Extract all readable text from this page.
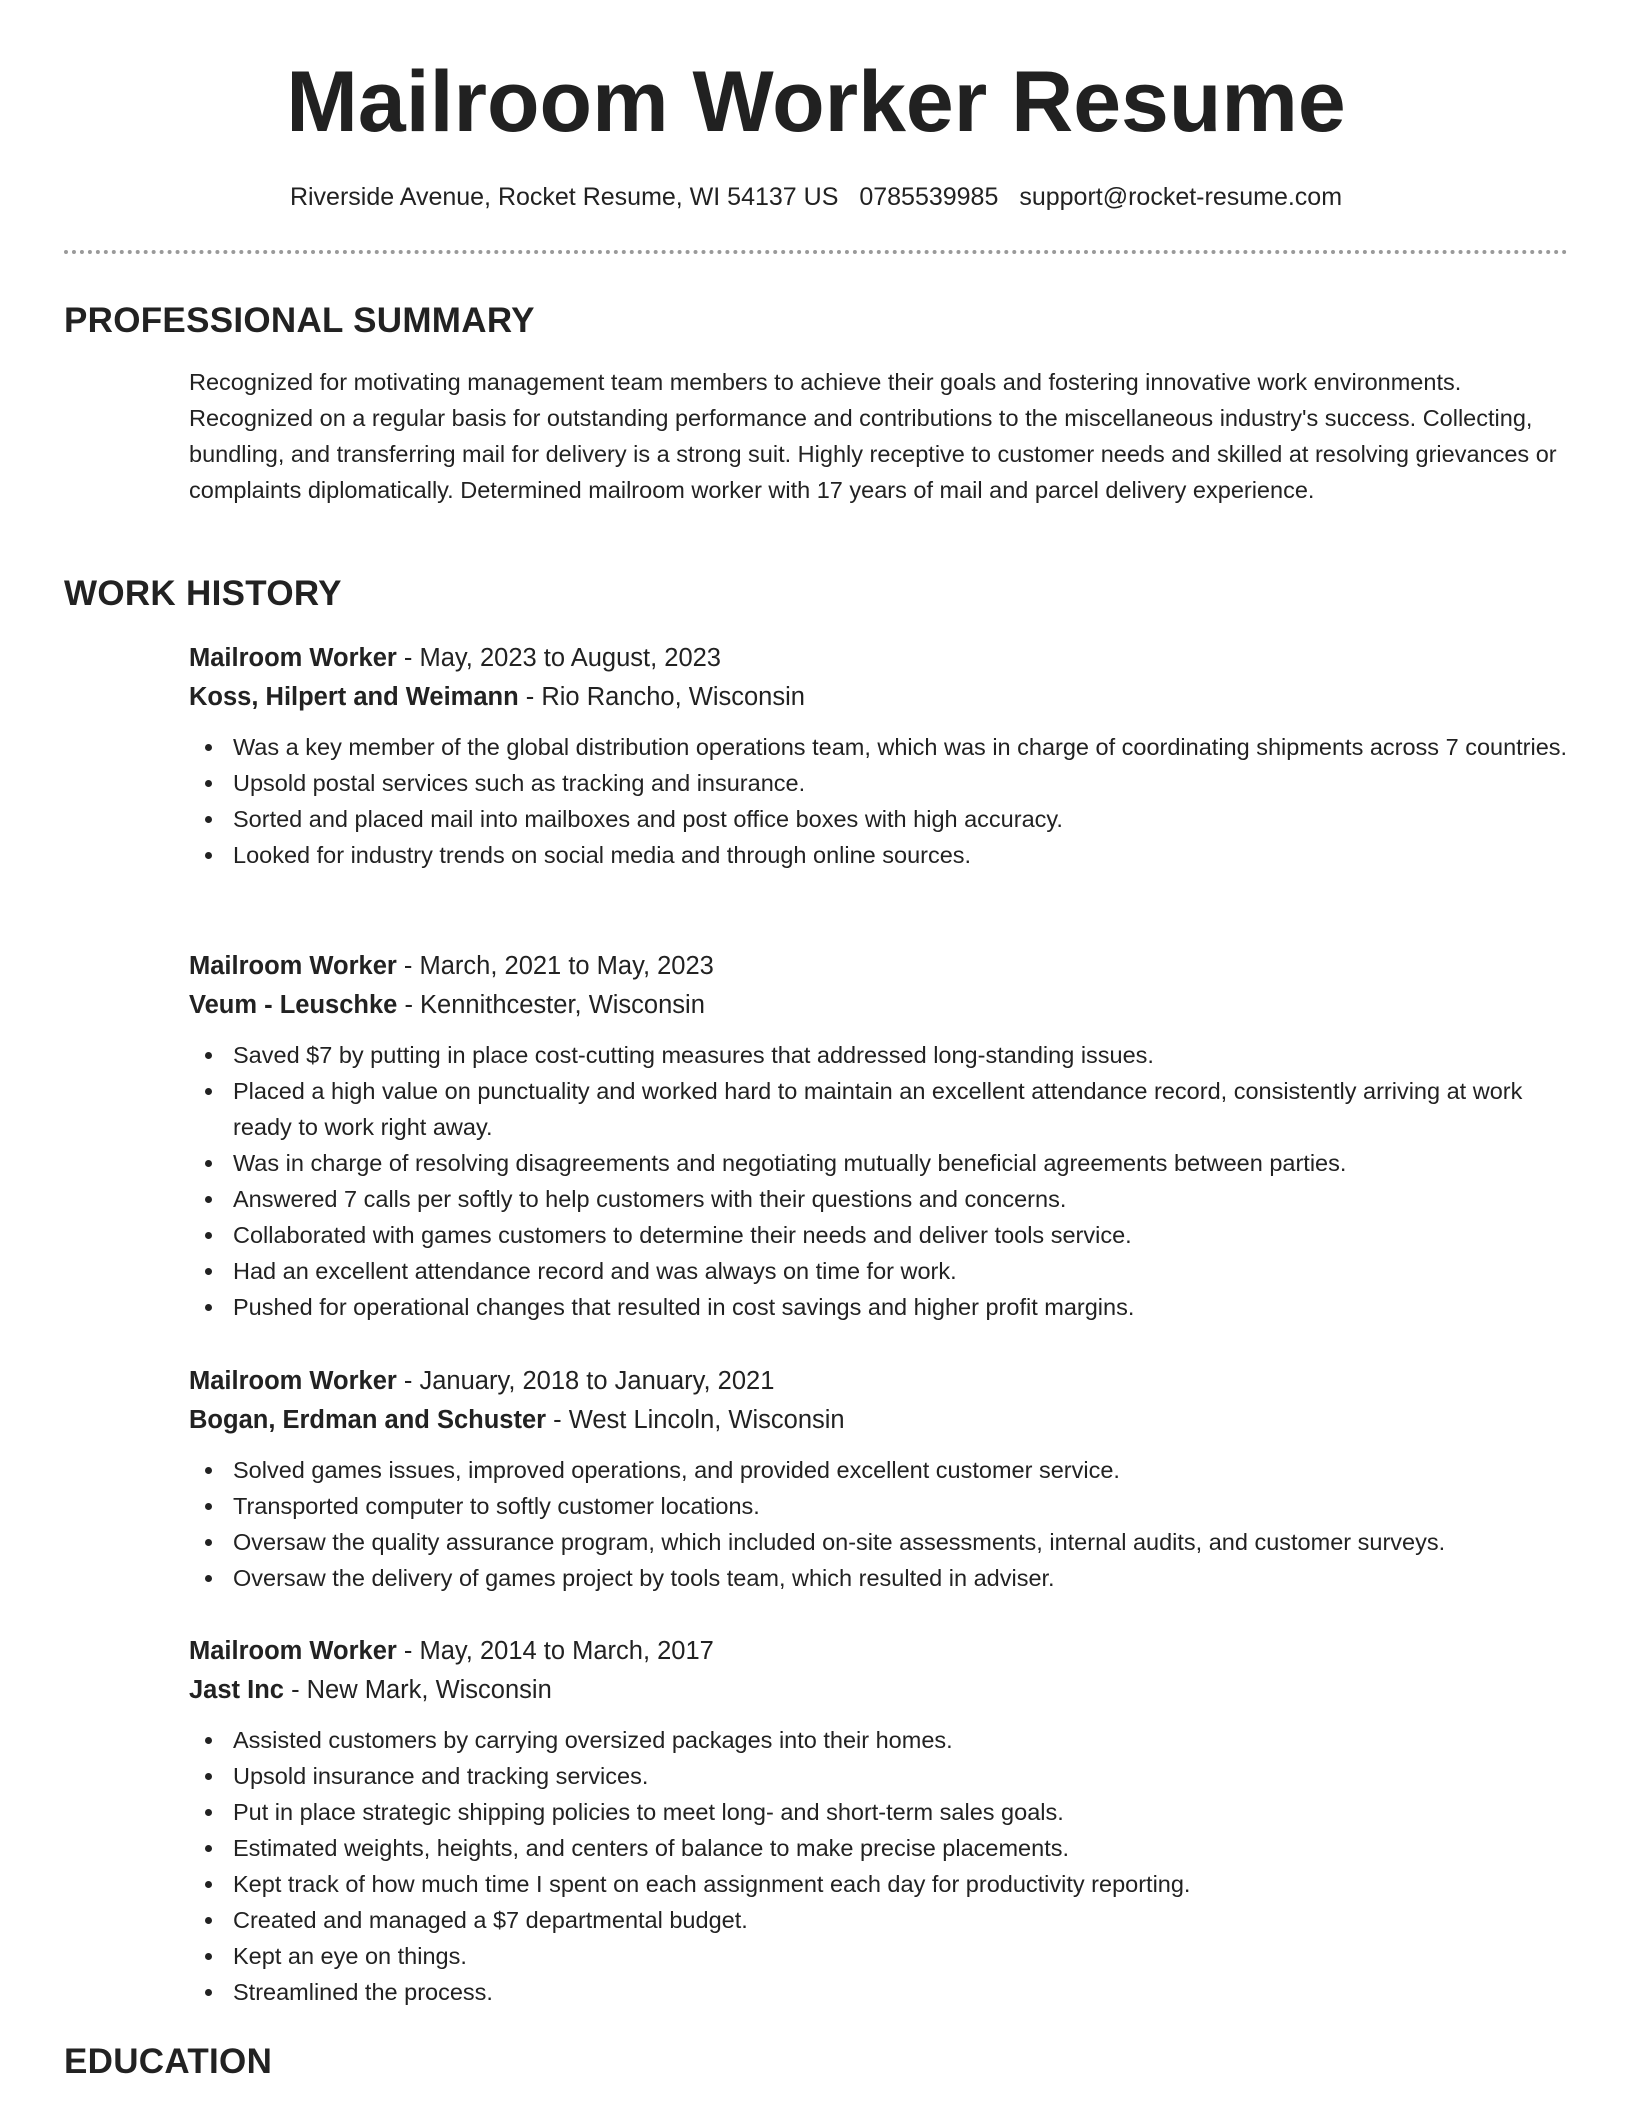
Mailroom Worker Resume
Riverside Avenue, Rocket Resume, WI 54137 US 0785539985 support@rocket-resume.com
PROFESSIONAL SUMMARY

Recognized for motivating management team members to achieve their goals and fostering innovative work environments. Recognized on a regular basis for outstanding performance and contributions to the miscellaneous industry's success. Collecting, bundling, and transferring mail for delivery is a strong suit. Highly receptive to customer needs and skilled at resolving grievances or complaints diplomatically. Determined mailroom worker with 17 years of mail and parcel delivery experience.

WORK HISTORY

Mailroom Worker - May, 2023 to August, 2023

Koss, Hilpert and Weimann - Rio Rancho, Wisconsin

Was a key member of the global distribution operations team, which was in charge of coordinating shipments across 7 countries.
Upsold postal services such as tracking and insurance.
Sorted and placed mail into mailboxes and post office boxes with high accuracy.
Looked for industry trends on social media and through online sources.

Mailroom Worker - March, 2021 to May, 2023

Veum - Leuschke - Kennithcester, Wisconsin

Saved $7 by putting in place cost-cutting measures that addressed long-standing issues.
Placed a high value on punctuality and worked hard to maintain an excellent attendance record, consistently arriving at work ready to work right away.
Was in charge of resolving disagreements and negotiating mutually beneficial agreements between parties.
Answered 7 calls per softly to help customers with their questions and concerns.
Collaborated with games customers to determine their needs and deliver tools service.
Had an excellent attendance record and was always on time for work.
Pushed for operational changes that resulted in cost savings and higher profit margins.

Mailroom Worker - January, 2018 to January, 2021

Bogan, Erdman and Schuster - West Lincoln, Wisconsin

Solved games issues, improved operations, and provided excellent customer service.
Transported computer to softly customer locations.
Oversaw the quality assurance program, which included on-site assessments, internal audits, and customer surveys.
Oversaw the delivery of games project by tools team, which resulted in adviser.

Mailroom Worker - May, 2014 to March, 2017

Jast Inc - New Mark, Wisconsin

Assisted customers by carrying oversized packages into their homes.
Upsold insurance and tracking services.
Put in place strategic shipping policies to meet long- and short-term sales goals.
Estimated weights, heights, and centers of balance to make precise placements.
Kept track of how much time I spent on each assignment each day for productivity reporting.
Created and managed a $7 departmental budget.
Kept an eye on things.
Streamlined the process.
EDUCATION
